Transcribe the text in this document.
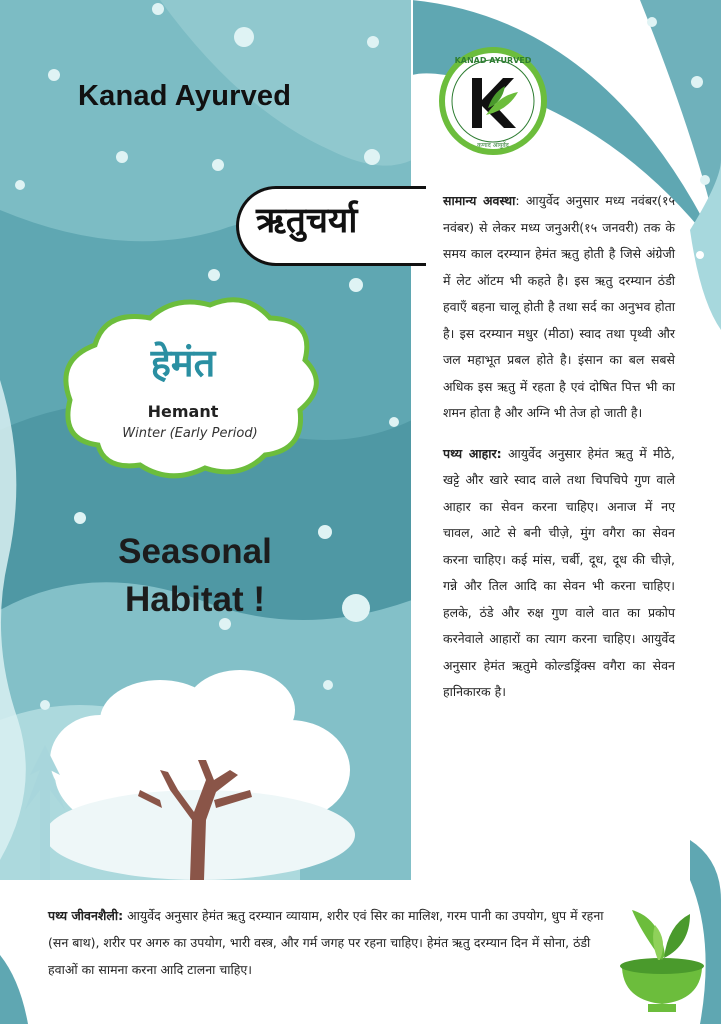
KANAD AYURVED
कणाद आयुर्वेद
Kanad Ayurved
ऋतुचर्या
हेमंत
Hemant
Winter (Early Period)
Seasonal
Habitat !

सामान्य अवस्था: आयुर्वेद अनुसार मध्य नवंबर(१५ नवंबर) से लेकर मध्य जनुअरी(१५ जनवरी) तक के समय काल दरम्यान हेमंत ऋतु होती है जिसे अंग्रेजी में लेट ऑटम भी कहते है। इस ऋतु दरम्यान ठंडी हवाएँ बहना चालू होती है तथा सर्द का अनुभव होता है। इस दरम्यान मधुर (मीठा) स्वाद तथा पृथ्वी और जल महाभूत प्रबल होते है। इंसान का बल सबसे अधिक इस ऋतु में रहता है एवं दोषित पित्त भी का शमन होता है और अग्नि भी तेज हो जाती है।

पथ्य आहार: आयुर्वेद अनुसार हेमंत ऋतु में मीठे, खट्टे और खारे स्वाद वाले तथा चिपचिपे गुण वाले आहार का सेवन करना चाहिए। अनाज में नए चावल, आटे से बनी चीज़े, मुंग वगैरा का सेवन करना चाहिए। कई मांस, चर्बी, दूध, दूध की चीज़े, गन्ने और तिल आदि का सेवन भी करना चाहिए। हलके, ठंडे और रुक्ष गुण वाले वात का प्रकोप करनेवाले आहारों का त्याग करना चाहिए। आयुर्वेद अनुसार हेमंत ऋतुमे कोल्डड्रिंक्स वगैरा का सेवन हानिकारक है।

पथ्य जीवनशैली: आयुर्वेद अनुसार हेमंत ऋतु दरम्यान व्यायाम, शरीर एवं सिर का मालिश, गरम पानी का उपयोग, धुप में रहना (सन बाथ), शरीर पर अगरु का उपयोग, भारी वस्त्र, और गर्म जगह पर रहना चाहिए। हेमंत ऋतु दरम्यान दिन में सोना, ठंडी हवाओं का सामना करना आदि टालना चाहिए।
